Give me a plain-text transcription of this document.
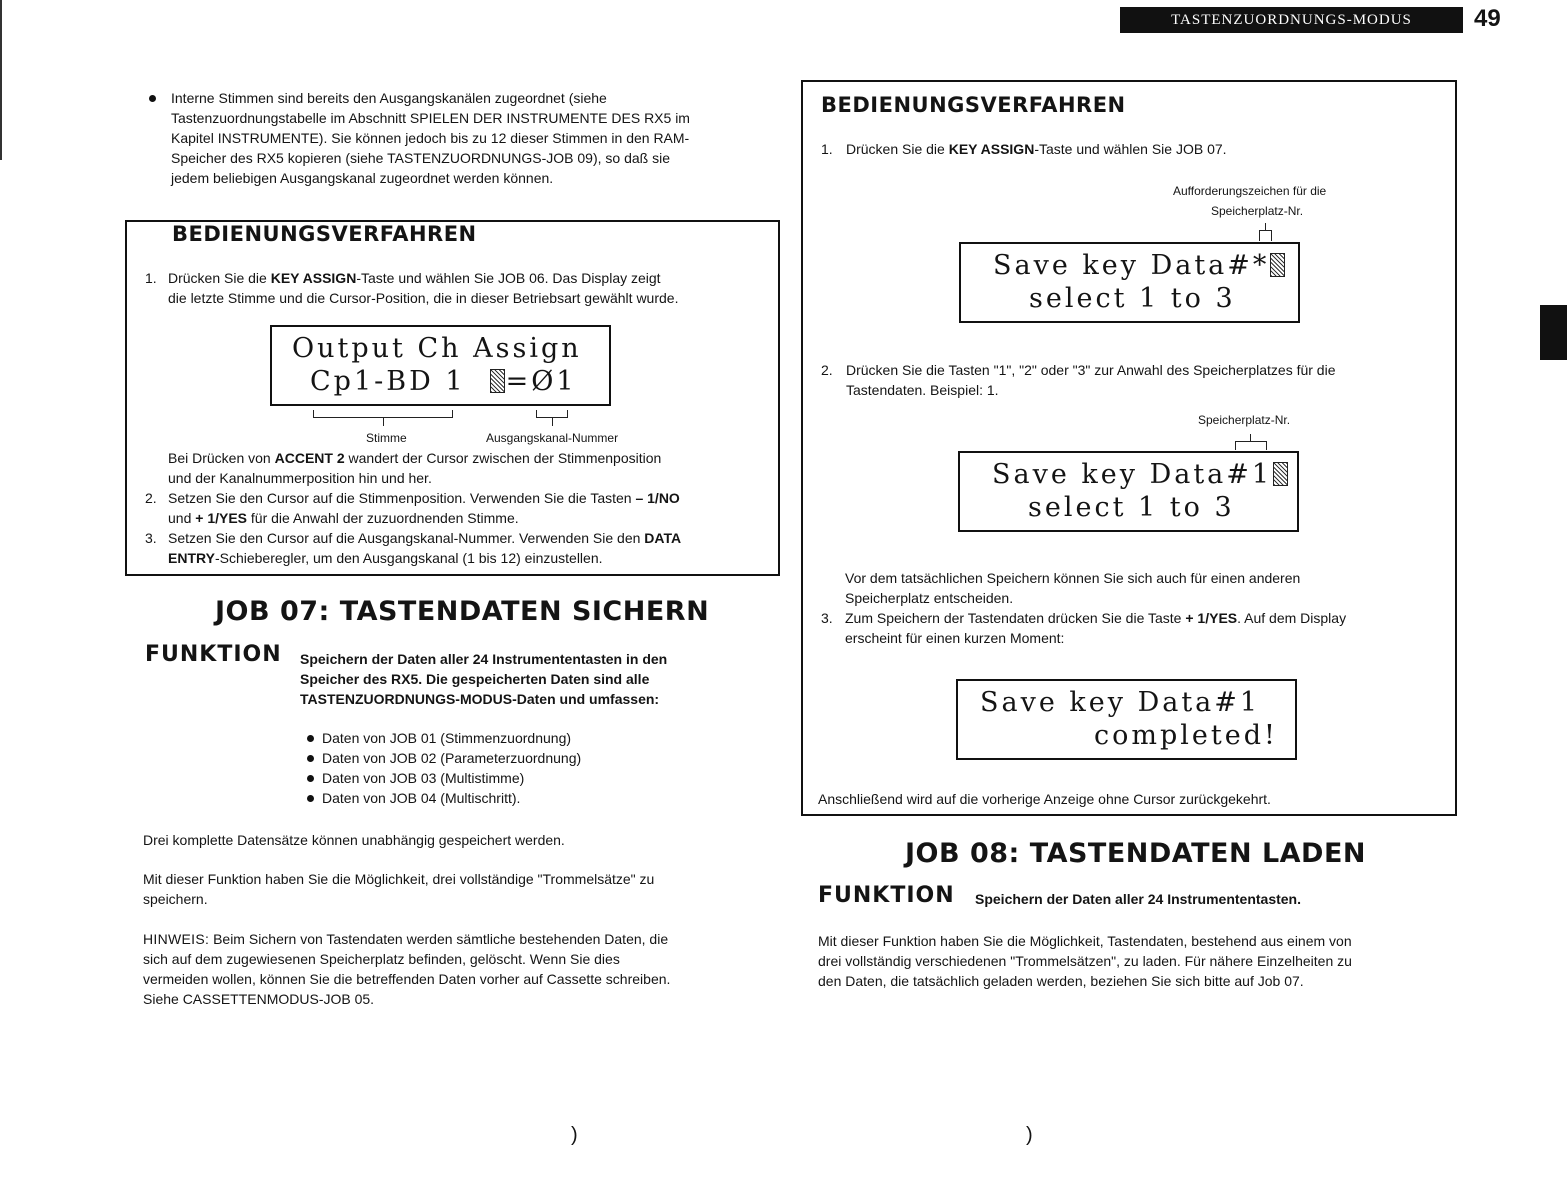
TASTENZUORDNUNGS-MODUS	49
Interne Stimmen sind bereits den Ausgangskanälen zugeordnet (siehe
Tastenzuordnungstabelle im Abschnitt SPIELEN DER INSTRUMENTE DES RX5 im
Kapitel INSTRUMENTE). Sie können jedoch bis zu 12 dieser Stimmen in den RAM-
Speicher des RX5 kopieren (siehe TASTENZUORDNUNGS-JOB 09), so daß sie
jedem beliebigen Ausgangskanal zugeordnet werden können.
BEDIENUNGSVERFAHREN
1. Drücken Sie die KEY ASSIGN-Taste und wählen Sie JOB 06. Das Display zeigt
die letzte Stimme und die Cursor-Position, die in dieser Betriebsart gewählt wurde.

Output Ch Assign

Cp1-BD 1  =Ø1

Stimme	Ausgangskanal-Nummer
Bei Drücken von ACCENT 2 wandert der Cursor zwischen der Stimmenposition
und der Kanalnummerposition hin und her.
2. Setzen Sie den Cursor auf die Stimmenposition. Verwenden Sie die Tasten – 1/NO
und + 1/YES für die Anwahl der zuzuordnenden Stimme.
3. Setzen Sie den Cursor auf die Ausgangskanal-Nummer. Verwenden Sie den DATA
ENTRY-Schieberegler, um den Ausgangskanal (1 bis 12) einzustellen.
JOB 07: TASTENDATEN SICHERN
FUNKTION Speichern der Daten aller 24 Instrumententasten in den
Speicher des RX5. Die gespeicherten Daten sind alle
TASTENZUORDNUNGS-MODUS-Daten und umfassen:
Daten von JOB 01 (Stimmenzuordnung)
Daten von JOB 02 (Parameterzuordnung)
Daten von JOB 03 (Multistimme)
Daten von JOB 04 (Multischritt).
Drei komplette Datensätze können unabhängig gespeichert werden.
Mit dieser Funktion haben Sie die Möglichkeit, drei vollständige "Trommelsätze" zu
speichern.
HINWEIS: Beim Sichern von Tastendaten werden sämtliche bestehenden Daten, die
sich auf dem zugewiesenen Speicherplatz befinden, gelöscht. Wenn Sie dies
vermeiden wollen, können Sie die betreffenden Daten vorher auf Cassette schreiben.
Siehe CASSETTENMODUS-JOB 05.
)
BEDIENUNGSVERFAHREN
1. Drücken Sie die KEY ASSIGN-Taste und wählen Sie JOB 07.
Aufforderungszeichen für die
Speicherplatz-Nr.

Save key Data#*

select 1 to 3

2. Drücken Sie die Tasten "1", "2" oder "3" zur Anwahl des Speicherplatzes für die
Tastendaten. Beispiel: 1.
Speicherplatz-Nr.

Save key Data#1

select 1 to 3

Vor dem tatsächlichen Speichern können Sie sich auch für einen anderen
Speicherplatz entscheiden.
3. Zum Speichern der Tastendaten drücken Sie die Taste + 1/YES. Auf dem Display
erscheint für einen kurzen Moment:

Save key Data#1

completed!

Anschließend wird auf die vorherige Anzeige ohne Cursor zurückgekehrt.
JOB 08: TASTENDATEN LADEN
FUNKTION Speichern der Daten aller 24 Instrumententasten.
Mit dieser Funktion haben Sie die Möglichkeit, Tastendaten, bestehend aus einem von
drei vollständig verschiedenen "Trommelsätzen", zu laden. Für nähere Einzelheiten zu
den Daten, die tatsächlich geladen werden, beziehen Sie sich bitte auf Job 07.
)
